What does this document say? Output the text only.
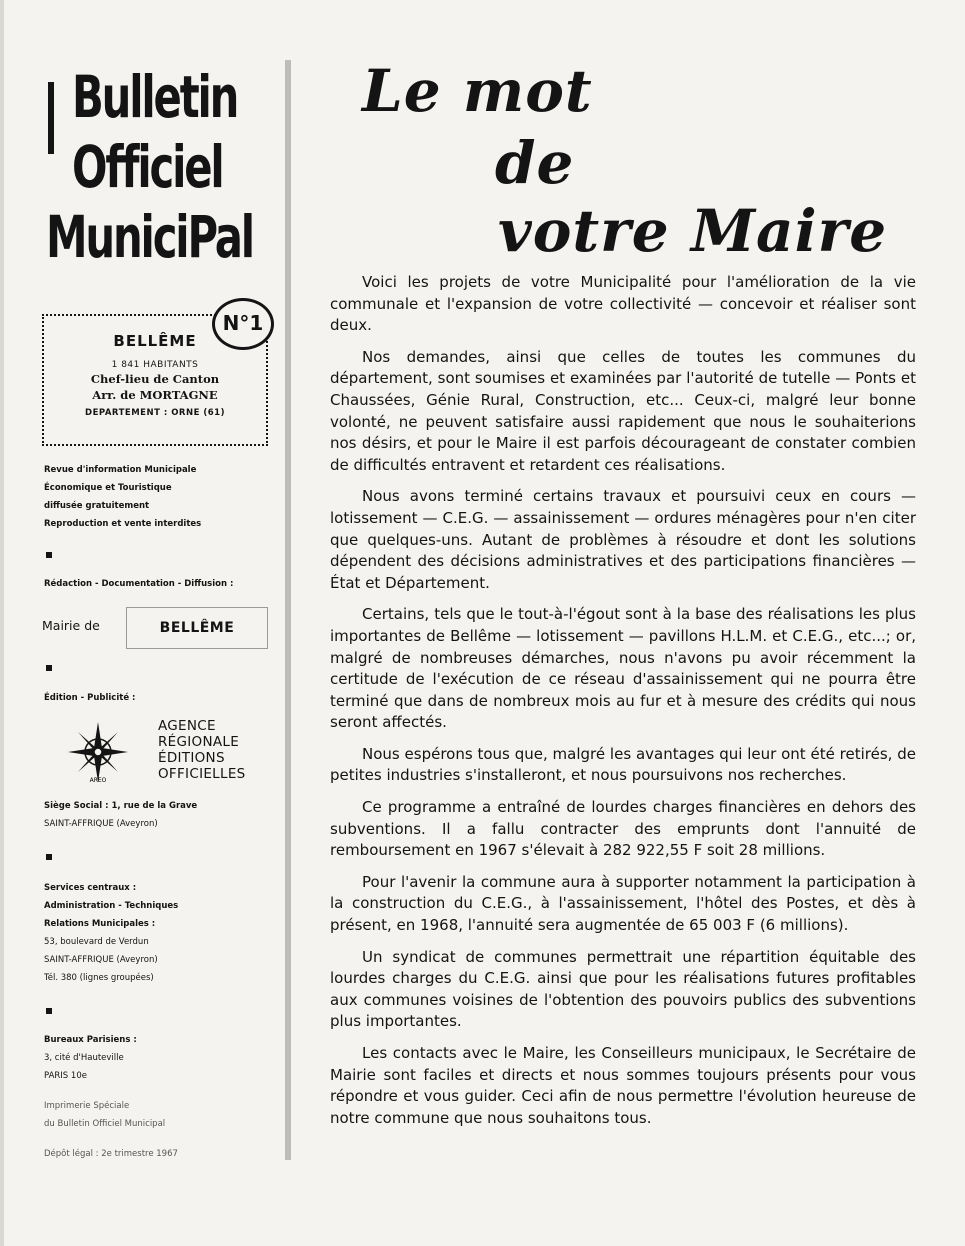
Bulletin
Officiel
MuniciPal
N°1
BELLÊME
1 841 HABITANTS
Chef-lieu de Canton
Arr. de MORTAGNE
DEPARTEMENT : ORNE (61)
Revue d'information Municipale
Économique et Touristique
diffusée gratuitement
Reproduction et vente interdites
Rédaction - Documentation - Diffusion :
Mairie de	BELLÊME
Édition - Publicité :
AREO
AGENCE
RÉGIONALE
ÉDITIONS
OFFICIELLES
Siège Social : 1, rue de la Grave
SAINT-AFFRIQUE (Aveyron)
Services centraux :
Administration - Techniques
Relations Municipales :
53, boulevard de Verdun
SAINT-AFFRIQUE (Aveyron)
Tél. 380 (lignes groupées)
Bureaux Parisiens :
3, cité d'Hauteville
PARIS 10e
Imprimerie Spéciale
du Bulletin Officiel Municipal
Dépôt légal : 2e trimestre 1967
Le mot
de
votre Maire

Voici les projets de votre Municipalité pour l'amélioration de la vie communale et l'expansion de votre collectivité — concevoir et réaliser sont deux.

Nos demandes, ainsi que celles de toutes les communes du département, sont soumises et examinées par l'autorité de tutelle — Ponts et Chaussées, Génie Rural, Construction, etc... Ceux-ci, malgré leur bonne volonté, ne peuvent satisfaire aussi rapidement que nous le souhaiterions nos désirs, et pour le Maire il est parfois décourageant de constater combien de difficultés entravent et retardent ces réalisations.

Nous avons terminé certains travaux et poursuivi ceux en cours — lotissement — C.E.G. — assainissement — ordures ménagères pour n'en citer que quelques-uns. Autant de problèmes à résoudre et dont les solutions dépendent des décisions administratives et des participations financières — État et Département.

Certains, tels que le tout-à-l'égout sont à la base des réalisations les plus importantes de Bellême — lotissement — pavillons H.L.M. et C.E.G., etc...; or, malgré de nombreuses démarches, nous n'avons pu avoir récemment la certitude de l'exécution de ce réseau d'assainissement qui ne pourra être terminé que dans de nombreux mois au fur et à mesure des crédits qui nous seront affectés.

Nous espérons tous que, malgré les avantages qui leur ont été retirés, de petites industries s'installeront, et nous poursuivons nos recherches.

Ce programme a entraîné de lourdes charges financières en dehors des subventions. Il a fallu contracter des emprunts dont l'annuité de remboursement en 1967 s'élevait à 282 922,55 F soit 28 millions.

Pour l'avenir la commune aura à supporter notamment la participation à la construction du C.E.G., à l'assainissement, l'hôtel des Postes, et dès à présent, en 1968, l'annuité sera augmentée de 65 003 F (6 millions).

Un syndicat de communes permettrait une répartition équitable des lourdes charges du C.E.G. ainsi que pour les réalisations futures profitables aux communes voisines de l'obtention des pouvoirs publics des subventions plus importantes.

Les contacts avec le Maire, les Conseilleurs municipaux, le Secrétaire de Mairie sont faciles et directs et nous sommes toujours présents pour vous répondre et vous guider. Ceci afin de nous permettre l'évolution heureuse de notre commune que nous souhaitons tous.
